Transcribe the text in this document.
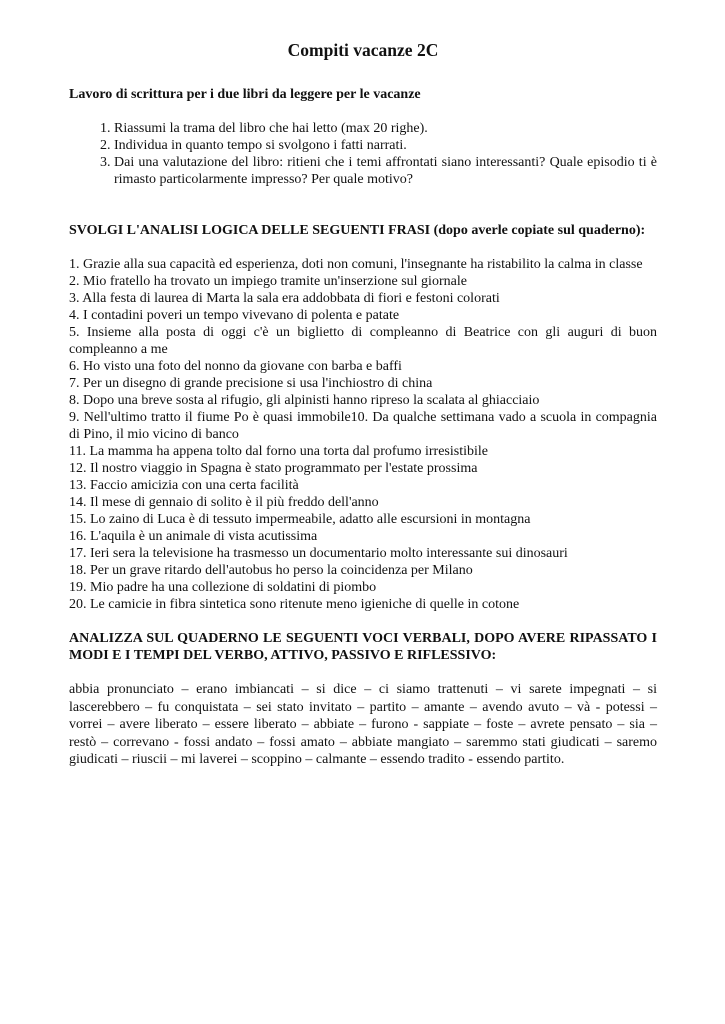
Compiti vacanze 2C

Lavoro di scrittura per i due libri da leggere per le vacanze

1. Riassumi la trama del libro che hai letto (max 20 righe).
2. Individua in quanto tempo si svolgono i fatti narrati.
3. Dai una valutazione del libro: ritieni che i temi affrontati siano interessanti? Quale episodio ti è rimasto particolarmente impresso? Per quale motivo?

SVOLGI L'ANALISI LOGICA DELLE SEGUENTI FRASI (dopo averle copiate sul quaderno):

1. Grazie alla sua capacità ed esperienza, doti non comuni, l'insegnante ha ristabilito la calma in classe

2. Mio fratello ha trovato un impiego tramite un'inserzione sul giornale

3. Alla festa di laurea di Marta la sala era addobbata di fiori e festoni colorati

4. I contadini poveri un tempo vivevano di polenta e patate

5. Insieme alla posta di oggi c'è un biglietto di compleanno di Beatrice con gli auguri di buon compleanno a me

6. Ho visto una foto del nonno da giovane con barba e baffi

7. Per un disegno di grande precisione si usa l'inchiostro di china

8. Dopo una breve sosta al rifugio, gli alpinisti hanno ripreso la scalata al ghiacciaio

9. Nell'ultimo tratto il fiume Po è quasi immobile10. Da qualche settimana vado a scuola in compagnia di Pino, il mio vicino di banco

11. La mamma ha appena tolto dal forno una torta dal profumo irresistibile

12. Il nostro viaggio in Spagna è stato programmato per l'estate prossima

13. Faccio amicizia con una certa facilità

14. Il mese di gennaio di solito è il più freddo dell'anno

15. Lo zaino di Luca è di tessuto impermeabile, adatto alle escursioni in montagna

16. L'aquila è un animale di vista acutissima

17. Ieri sera la televisione ha trasmesso un documentario molto interessante sui dinosauri

18. Per un grave ritardo dell'autobus ho perso la coincidenza per Milano

19. Mio padre ha una collezione di soldatini di piombo

20. Le camicie in fibra sintetica sono ritenute meno igieniche di quelle in cotone

ANALIZZA SUL QUADERNO LE SEGUENTI VOCI VERBALI, DOPO AVERE RIPASSATO I MODI E I TEMPI DEL VERBO, ATTIVO, PASSIVO E RIFLESSIVO:

abbia pronunciato – erano imbiancati – si dice – ci siamo trattenuti – vi sarete impegnati – si lascerebbero – fu conquistata – sei stato invitato – partito – amante – avendo avuto – và - potessi – vorrei – avere liberato – essere liberato – abbiate – furono - sappiate – foste – avrete pensato – sia – restò – correvano - fossi andato – fossi amato – abbiate mangiato – saremmo stati giudicati – saremo giudicati – riuscii – mi laverei – scoppino – calmante – essendo tradito - essendo partito.
